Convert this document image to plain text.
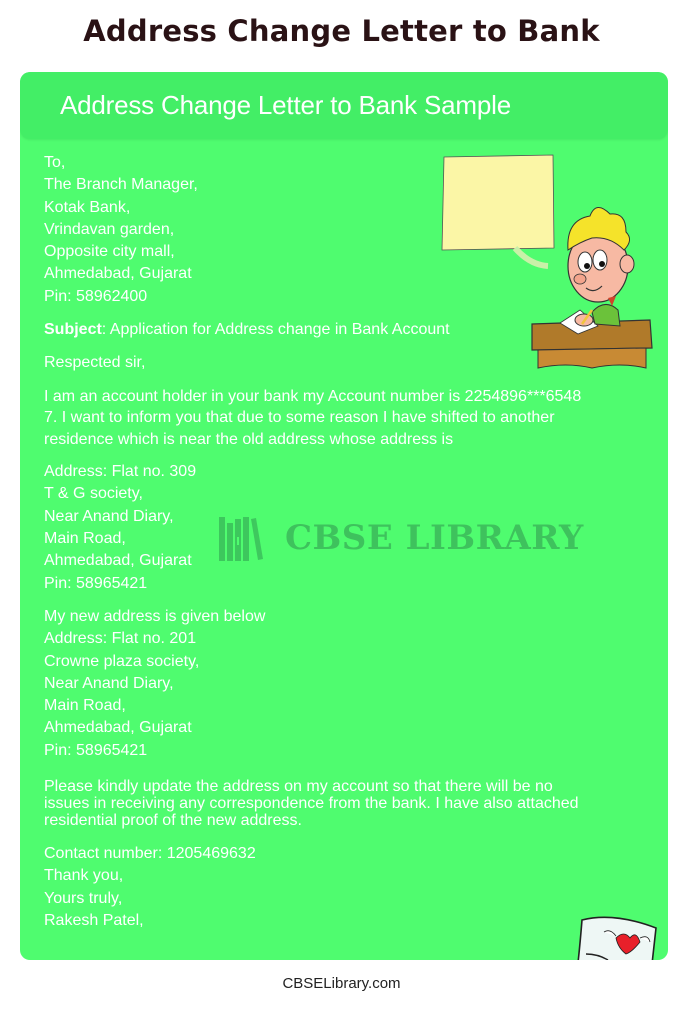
Address Change Letter to Bank
Address Change Letter to Bank Sample
CBSE LIBRARY
To,
The Branch Manager,
Kotak Bank,
Vrindavan garden,
Opposite city mall,
Ahmedabad, Gujarat
Pin: 58962400
Subject: Application for Address change in Bank Account
Respected sir,
I am an account holder in your bank my Account number is 2254896***6548
7. I want to inform you that due to some reason I have shifted to another
residence which is near the old address whose address is
Address: Flat no. 309
T & G society,
Near Anand Diary,
Main Road,
Ahmedabad, Gujarat
Pin: 58965421
My new address is given below
Address: Flat no. 201
Crowne plaza society,
Near Anand Diary,
Main Road,
Ahmedabad, Gujarat
Pin: 58965421
Please kindly update the address on my account so that there will be no
issues in receiving any correspondence from the bank. I have also attached
residential proof of the new address.
Contact number: 1205469632
Thank you,
Yours truly,
Rakesh Patel,
CBSELibrary.com
